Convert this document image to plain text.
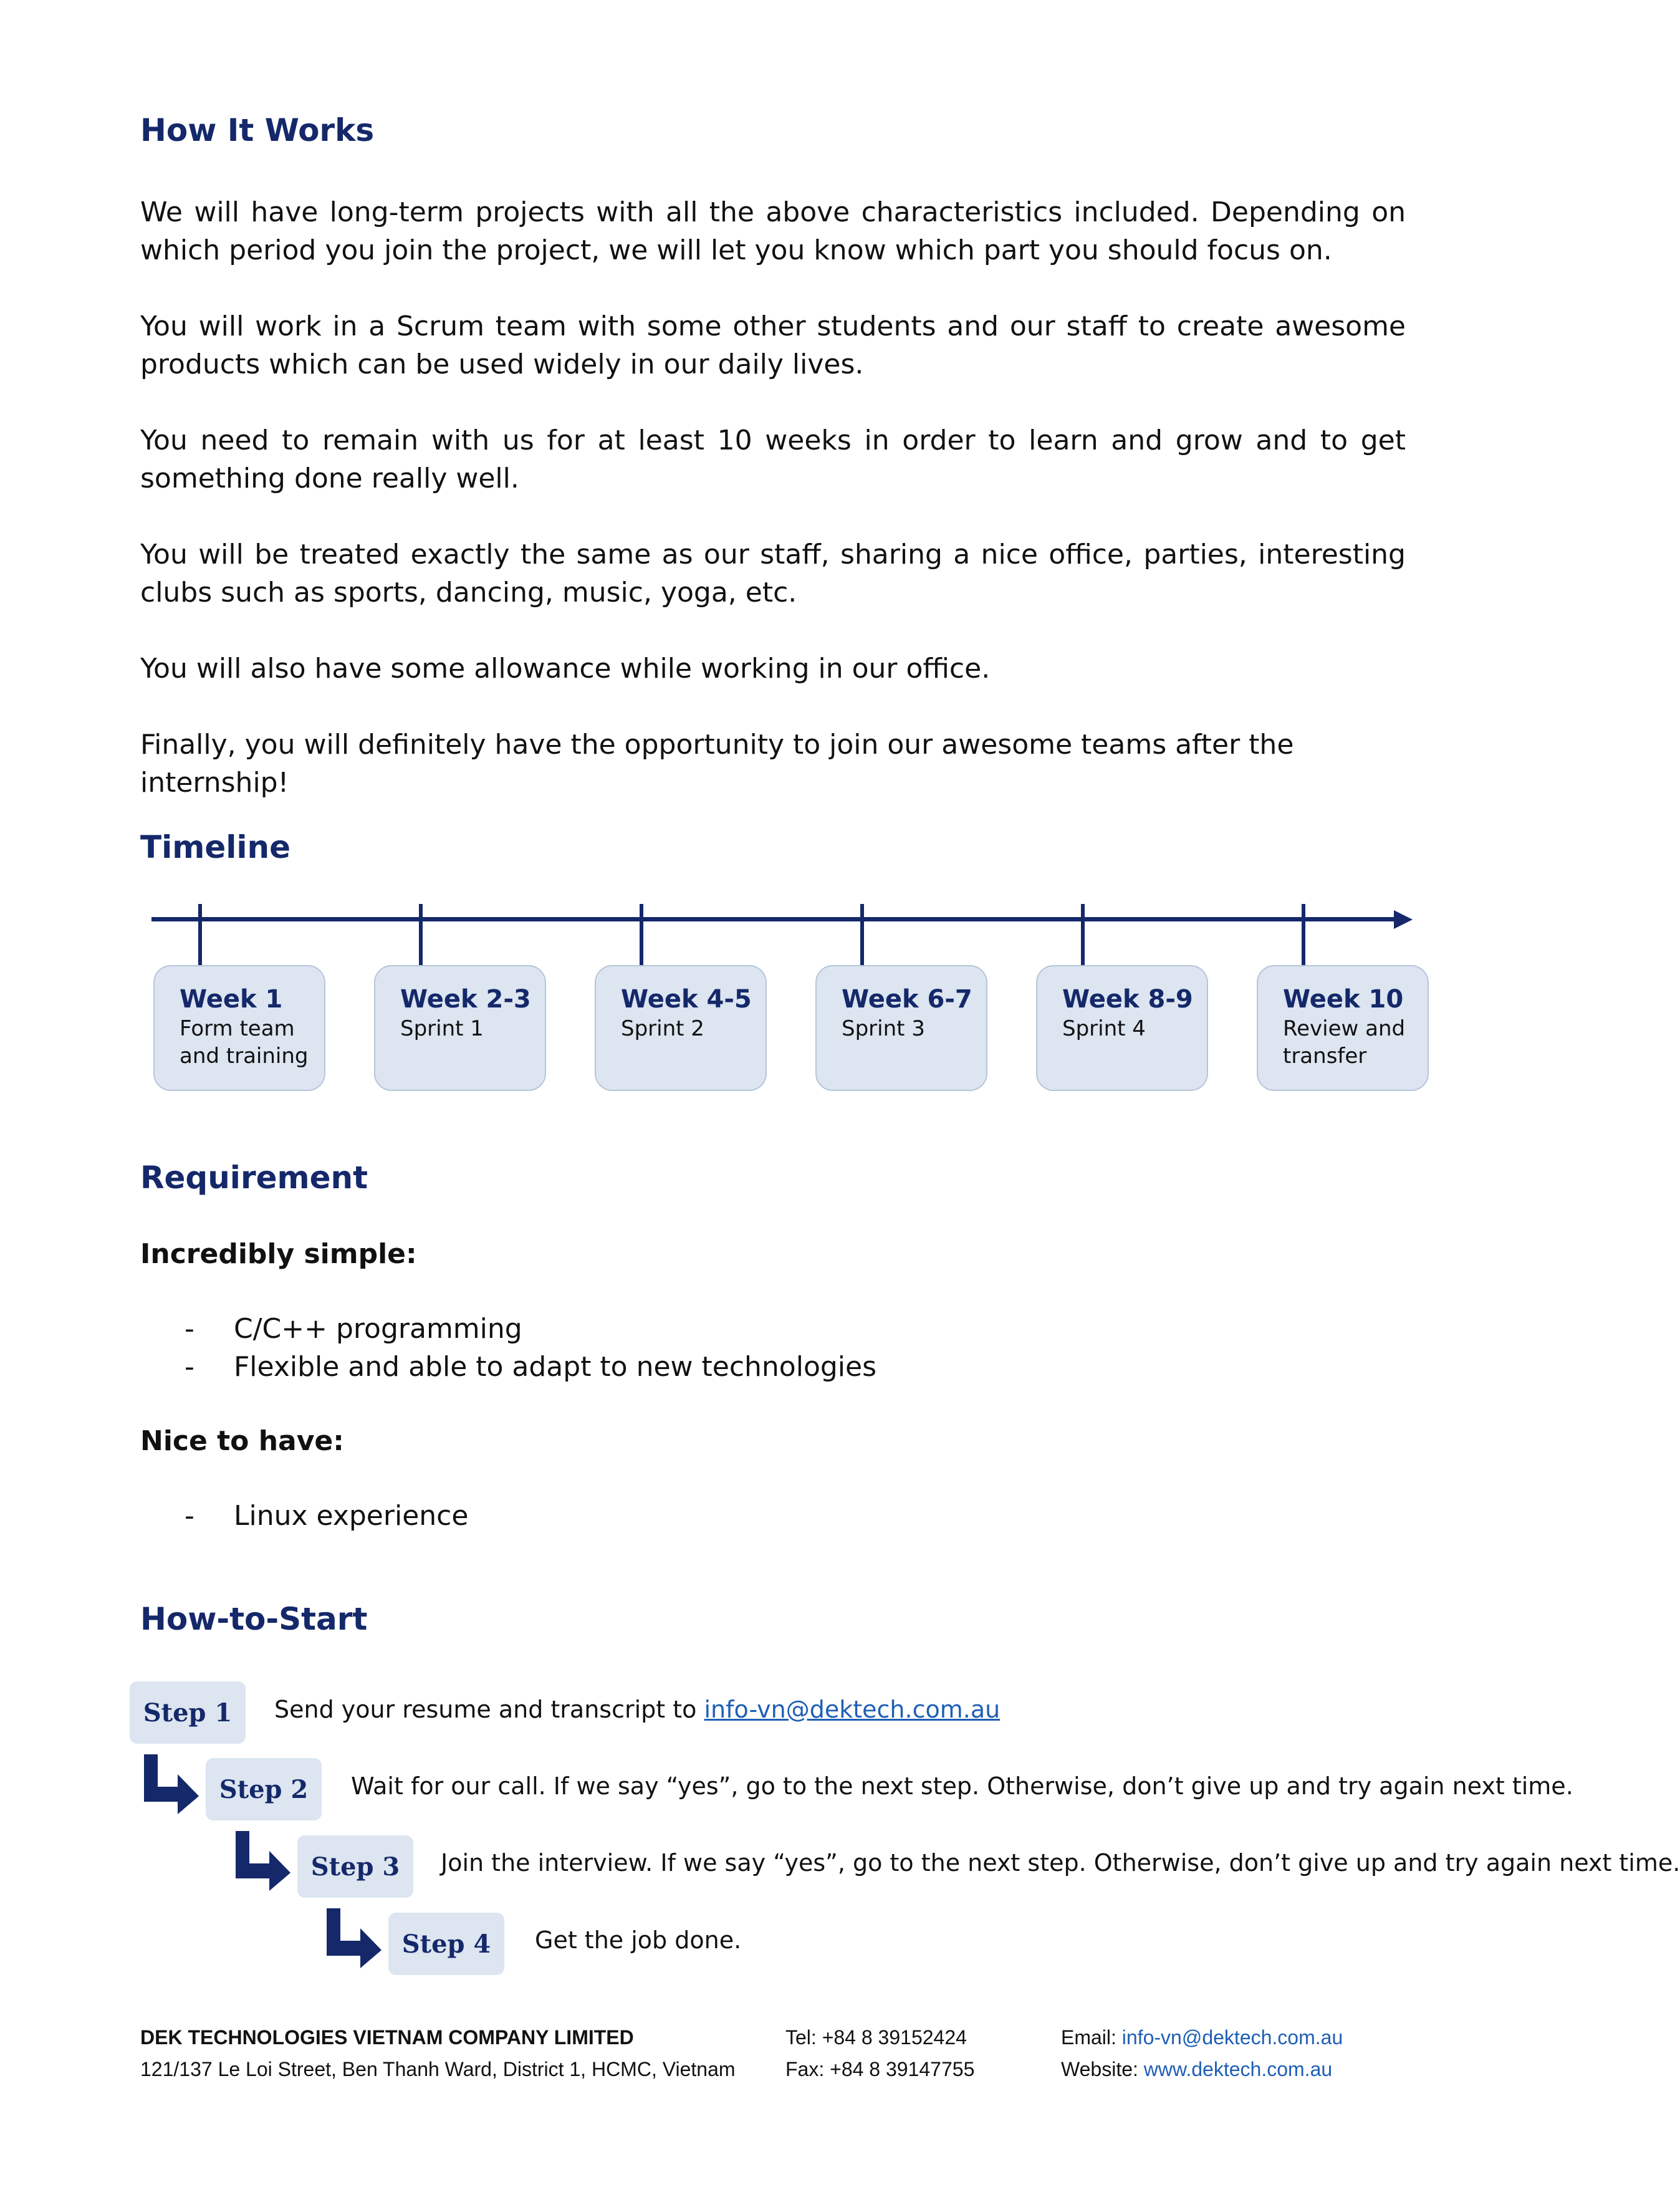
How It Works

We will have long-term projects with all the above characteristics included. Depending on which period you join the project, we will let you know which part you should focus on.

You will work in a Scrum team with some other students and our staff to create awesome products which can be used widely in our daily lives.

You need to remain with us for at least 10 weeks in order to learn and grow and to get something done really well.

You will be treated exactly the same as our staff, sharing a nice office, parties, interesting clubs such as sports, dancing, music, yoga, etc.

You will also have some allowance while working in our office.

Finally, you will definitely have the opportunity to join our awesome teams after the internship!

Timeline
Week 1
Form team and training
Week 2-3
Sprint 1
Week 4-5
Sprint 2
Week 6-7
Sprint 3
Week 8-9
Sprint 4
Week 10
Review and transfer
Requirement

Incredibly simple:

- C/C++ programming

- Flexible and able to adapt to new technologies

Nice to have:

- Linux experience

How-to-Start
Step 1	Send your resume and transcript to info-vn@dektech.com.au

Step 2	Wait for our call. If we say “yes”, go to the next step. Otherwise, don’t give up and try again next time.

Step 3	Join the interview. If we say “yes”, go to the next step. Otherwise, don’t give up and try again next time.

Step 4	Get the job done.

DEK TECHNOLOGIES VIETNAM COMPANY LIMITED

121/137 Le Loi Street, Ben Thanh Ward, District 1, HCMC, Vietnam

Tel: +84 8 39152424

Fax: +84 8 39147755

Email: info-vn@dektech.com.au

Website: www.dektech.com.au
